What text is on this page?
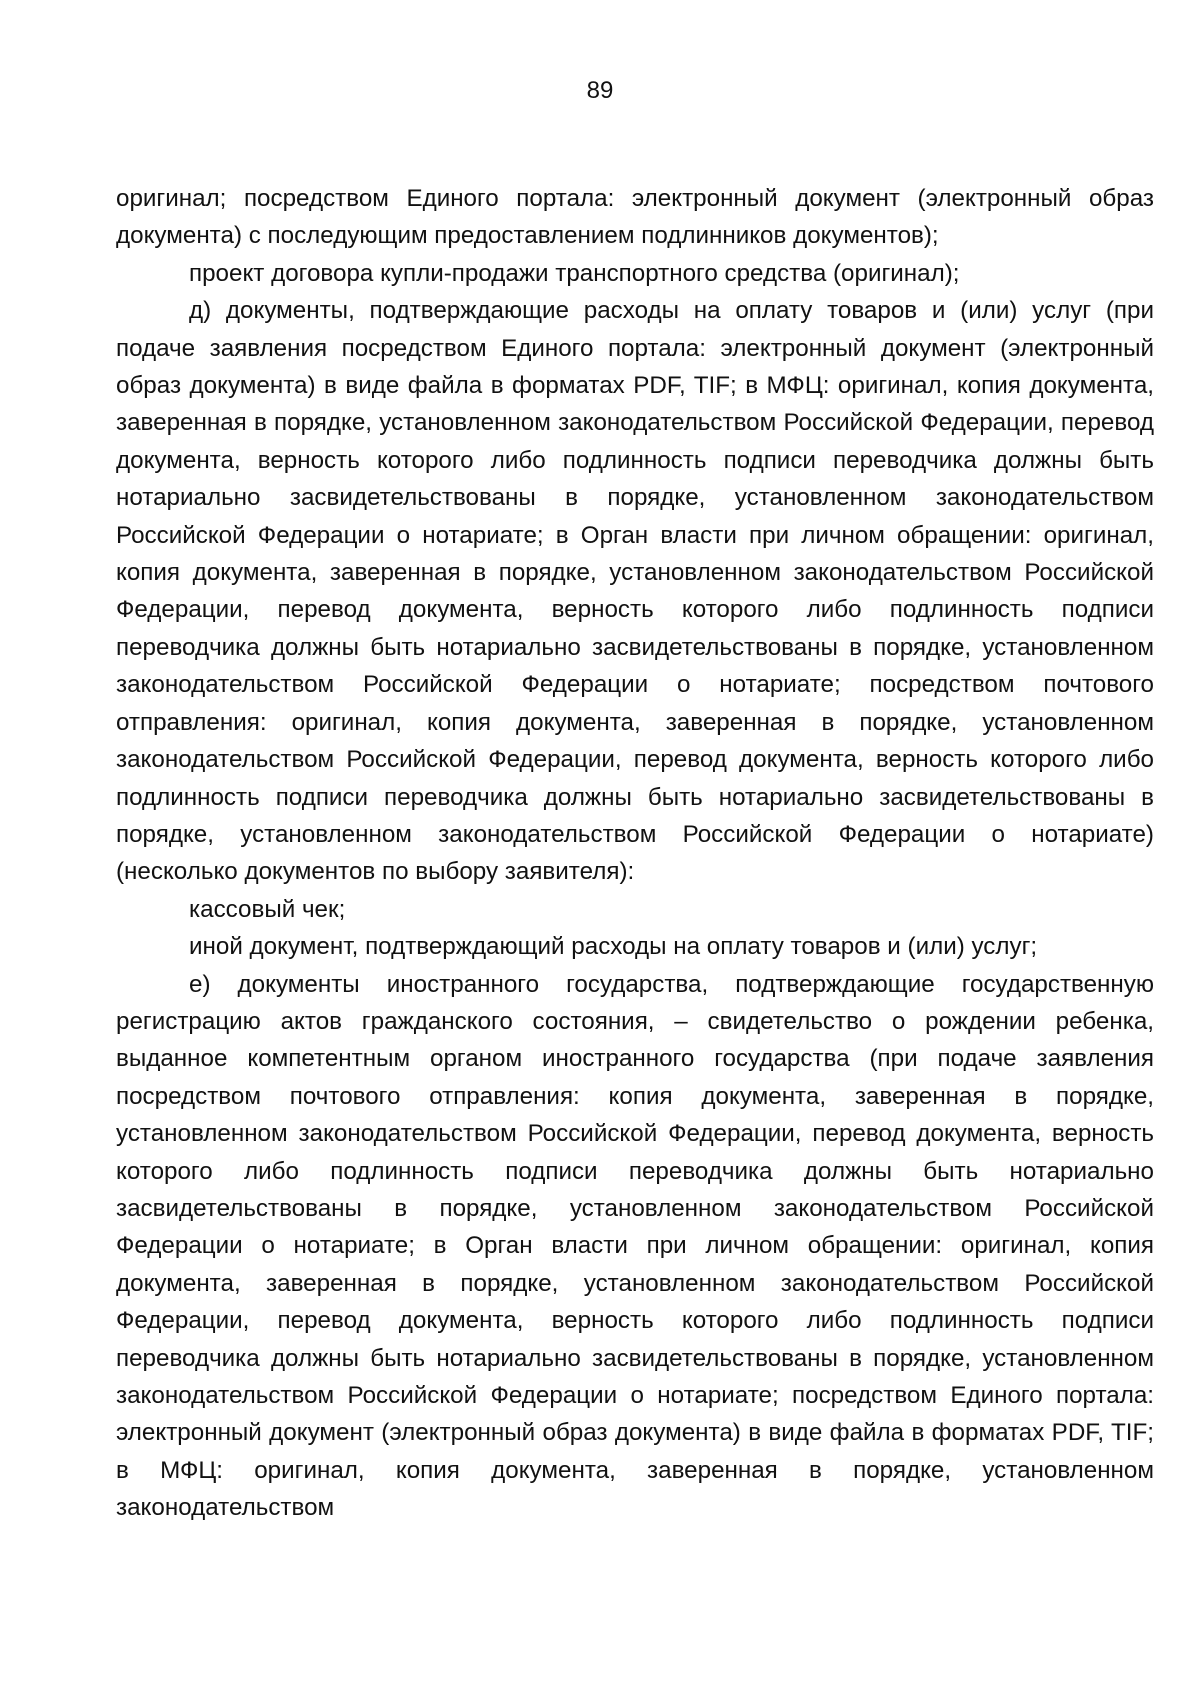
89

оригинал; посредством Единого портала: электронный документ (электронный образ документа) с последующим предоставлением подлинников документов);

проект договора купли-продажи транспортного средства (оригинал);

д) документы, подтверждающие расходы на оплату товаров и (или) услуг (при подаче заявления посредством Единого портала: электронный документ (электронный образ документа) в виде файла в форматах PDF, TIF; в МФЦ: оригинал, копия документа, заверенная в порядке, установленном законодательством Российской Федерации, перевод документа, верность которого либо подлинность подписи переводчика должны быть нотариально засвидетельствованы в порядке, установленном законодательством Российской Федерации о нотариате; в Орган власти при личном обращении: оригинал, копия документа, заверенная в порядке, установленном законодательством Российской Федерации, перевод документа, верность которого либо подлинность подписи переводчика должны быть нотариально засвидетельствованы в порядке, установленном законодательством Российской Федерации о нотариате; посредством почтового отправления: оригинал, копия документа, заверенная в порядке, установленном законодательством Российской Федерации, перевод документа, верность которого либо подлинность подписи переводчика должны быть нотариально засвидетельствованы в порядке, установленном законодательством Российской Федерации о нотариате) (несколько документов по выбору заявителя):

кассовый чек;

иной документ, подтверждающий расходы на оплату товаров и (или) услуг;

е) документы иностранного государства, подтверждающие государственную регистрацию актов гражданского состояния, – свидетельство о рождении ребенка, выданное компетентным органом иностранного государства (при подаче заявления посредством почтового отправления: копия документа, заверенная в порядке, установленном законодательством Российской Федерации, перевод документа, верность которого либо подлинность подписи переводчика должны быть нотариально засвидетельствованы в порядке, установленном законодательством Российской Федерации о нотариате; в Орган власти при личном обращении: оригинал, копия документа, заверенная в порядке, установленном законодательством Российской Федерации, перевод документа, верность которого либо подлинность подписи переводчика должны быть нотариально засвидетельствованы в порядке, установленном законодательством Российской Федерации о нотариате; посредством Единого портала: электронный документ (электронный образ документа) в виде файла в форматах PDF, TIF; в МФЦ: оригинал, копия документа, заверенная в порядке, установленном законодательством
